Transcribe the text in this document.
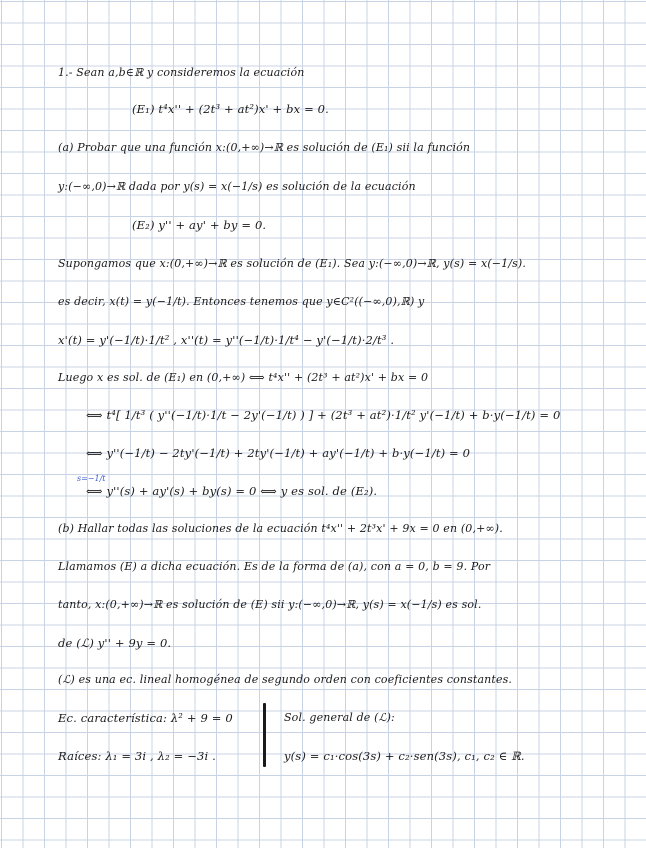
1.- Sean a,b∈ℝ y consideremos la ecuación
(E₁) t⁴x'' + (2t³ + at²)x' + bx = 0.
(a) Probar que una función x:(0,+∞)→ℝ es solución de (E₁) sii la función
y:(−∞,0)→ℝ dada por y(s) = x(−1/s) es solución de la ecuación
(E₂) y'' + ay' + by = 0.
Supongamos que x:(0,+∞)→ℝ es solución de (E₁). Sea y:(−∞,0)→ℝ, y(s) = x(−1/s).
es decir, x(t) = y(−1/t). Entonces tenemos que y∈C²((−∞,0),ℝ) y
x'(t) = y'(−1/t)·1/t² , x''(t) = y''(−1/t)·1/t⁴ − y'(−1/t)·2/t³ .
Luego x es sol. de (E₁) en (0,+∞) ⟺ t⁴x'' + (2t³ + at²)x' + bx = 0
⟺ t⁴[ 1/t³ ( y''(−1/t)·1/t − 2y'(−1/t) ) ] + (2t³ + at²)·1/t² y'(−1/t) + b·y(−1/t) = 0
⟺ y''(−1/t) − 2ty'(−1/t) + 2ty'(−1/t) + ay'(−1/t) + b·y(−1/t) = 0
s=−1/t
⟺ y''(s) + ay'(s) + by(s) = 0 ⟺ y es sol. de (E₂).
(b) Hallar todas las soluciones de la ecuación t⁴x'' + 2t³x' + 9x = 0 en (0,+∞).
Llamamos (E) a dicha ecuación. Es de la forma de (a), con a = 0, b = 9. Por
tanto, x:(0,+∞)→ℝ es solución de (E) sii y:(−∞,0)→ℝ, y(s) = x(−1/s) es sol.
de (ℒ) y'' + 9y = 0.
(ℒ) es una ec. lineal homogénea de segundo orden con coeficientes constantes.
Ec. característica: λ² + 9 = 0
Raíces: λ₁ = 3i , λ₂ = −3i .
Sol. general de (ℒ):
y(s) = c₁·cos(3s) + c₂·sen(3s), c₁, c₂ ∈ ℝ.
